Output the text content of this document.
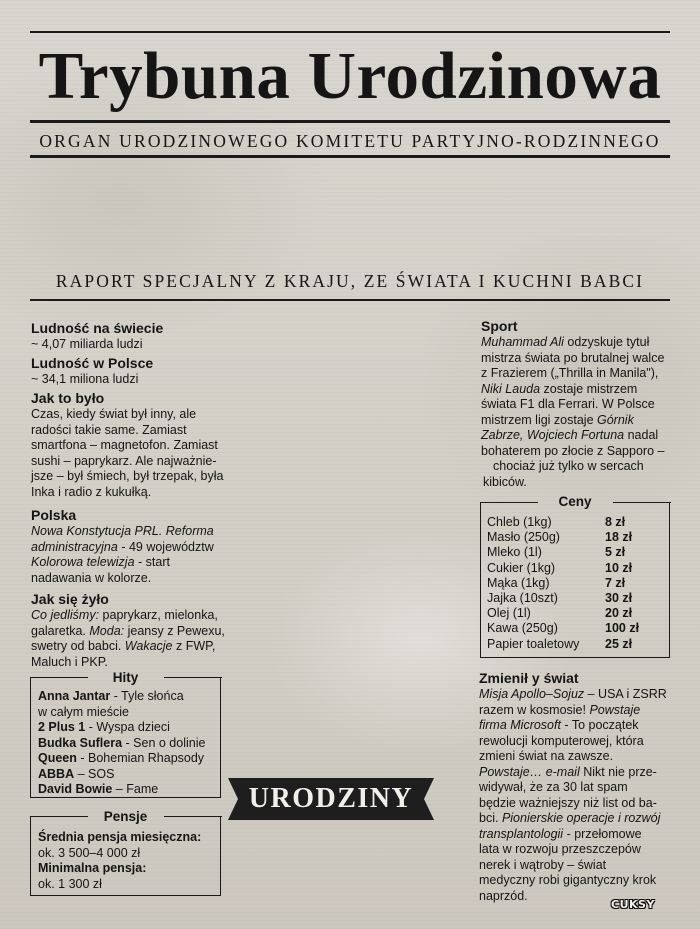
Trybuna Urodzinowa
ORGAN URODZINOWEGO KOMITETU PARTYJNO-RODZINNEGO
RAPORT SPECJALNY Z KRAJU, ZE ŚWIATA I KUCHNI BABCI
Ludność na świecie
~ 4,07 miliarda ludzi
Ludność w Polsce
~ 34,1 miliona ludzi
Jak to było
Czas, kiedy świat był inny, ale
radości takie same. Zamiast
smartfona – magnetofon. Zamiast
sushi – paprykarz. Ale najważnie-
jsze – był śmiech, był trzepak, była
Inka i radio z kukułką.
Polska
Nowa Konstytucja PRL. Reforma
administracyjna - 49 województw
Kolorowa telewizja - start
nadawania w kolorze.
Jak się żyło
Co jedliśmy: paprykarz, mielonka,
galaretka. Moda: jeansy z Pewexu,
swetry od babci. Wakacje z FWP,
Maluch i PKP.
Hity
Anna Jantar - Tyle słońca
w całym mieście
2 Plus 1 - Wyspa dzieci
Budka Suflera - Sen o dolinie
Queen - Bohemian Rhapsody
ABBA – SOS
David Bowie – Fame
Pensje
Średnia pensja miesięczna:
ok. 3 500–4 000 zł
Minimalna pensja:
ok. 1 300 zł
Sport
Muhammad Ali odzyskuje tytuł
mistrza świata po brutalnej walce
z Frazierem („Thrilla in Manila"),
Niki Lauda zostaje mistrzem
świata F1 dla Ferrari. W Polsce
mistrzem ligi zostaje Górnik
Zabrze, Wojciech Fortuna nadal
bohaterem po złocie z Sapporo –
chociaż już tylko w sercach
kibiców.
Ceny
Chleb (1kg)	8 zł
Masło (250g)	18 zł
Mleko (1l)	5 zł
Cukier (1kg)	10 zł
Mąka (1kg)	7 zł
Jajka (10szt)	30 zł
Olej (1l)	20 zł
Kawa (250g)	100 zł
Papier toaletowy	25 zł
Zmienił y świat
Misja Apollo–Sojuz – USA i ZSRR
razem w kosmosie! Powstaje
firma Microsoft - To początek
rewolucji komputerowej, która
zmieni świat na zawsze.
Powstaje… e-mail Nikt nie prze-
widywał, że za 30 lat spam
będzie ważniejszy niż list od ba-
bci. Pionierskie operacje i rozwój
transplantologii - przełomowe
lata w rozwoju przeszczepów
nerek i wątroby – świat
medyczny robi gigantyczny krok
naprzód.
URODZINY
CUKSY
